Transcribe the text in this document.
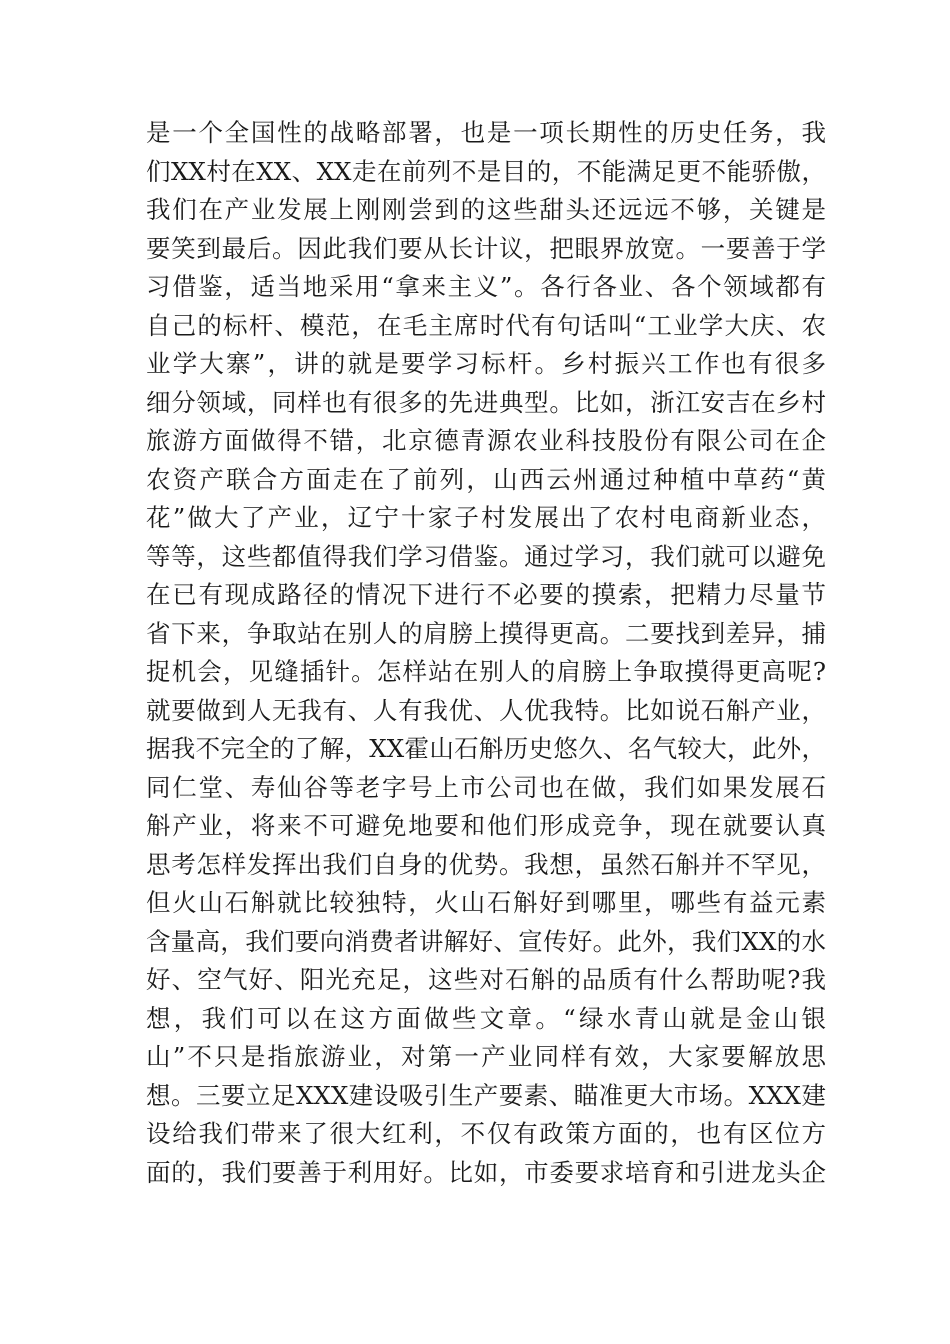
是一个全国性的战略部署，也是一项长期性的历史任务，我
们XX村在XX、XX走在前列不是目的，不能满足更不能骄傲，
我们在产业发展上刚刚尝到的这些甜头还远远不够，关键是
要笑到最后。因此我们要从长计议，把眼界放宽。一要善于学
习借鉴，适当地采用“拿来主义”。各行各业、各个领域都有
自己的标杆、模范，在毛主席时代有句话叫“工业学大庆、农
业学大寨”，讲的就是要学习标杆。乡村振兴工作也有很多
细分领域，同样也有很多的先进典型。比如，浙江安吉在乡村
旅游方面做得不错，北京德青源农业科技股份有限公司在企
农资产联合方面走在了前列，山西云州通过种植中草药“黄
花”做大了产业，辽宁十家子村发展出了农村电商新业态，
等等，这些都值得我们学习借鉴。通过学习，我们就可以避免
在已有现成路径的情况下进行不必要的摸索，把精力尽量节
省下来，争取站在别人的肩膀上摸得更高。二要找到差异，捕
捉机会，见缝插针。怎样站在别人的肩膀上争取摸得更高呢?
就要做到人无我有、人有我优、人优我特。比如说石斛产业，
据我不完全的了解，XX霍山石斛历史悠久、名气较大，此外，
同仁堂、寿仙谷等老字号上市公司也在做，我们如果发展石
斛产业，将来不可避免地要和他们形成竞争，现在就要认真
思考怎样发挥出我们自身的优势。我想，虽然石斛并不罕见，
但火山石斛就比较独特，火山石斛好到哪里，哪些有益元素
含量高，我们要向消费者讲解好、宣传好。此外，我们XX的水
好、空气好、阳光充足，这些对石斛的品质有什么帮助呢?我
想，我们可以在这方面做些文章。“绿水青山就是金山银
山”不只是指旅游业，对第一产业同样有效，大家要解放思
想。三要立足XXX建设吸引生产要素、瞄准更大市场。XXX建
设给我们带来了很大红利，不仅有政策方面的，也有区位方
面的，我们要善于利用好。比如，市委要求培育和引进龙头企
